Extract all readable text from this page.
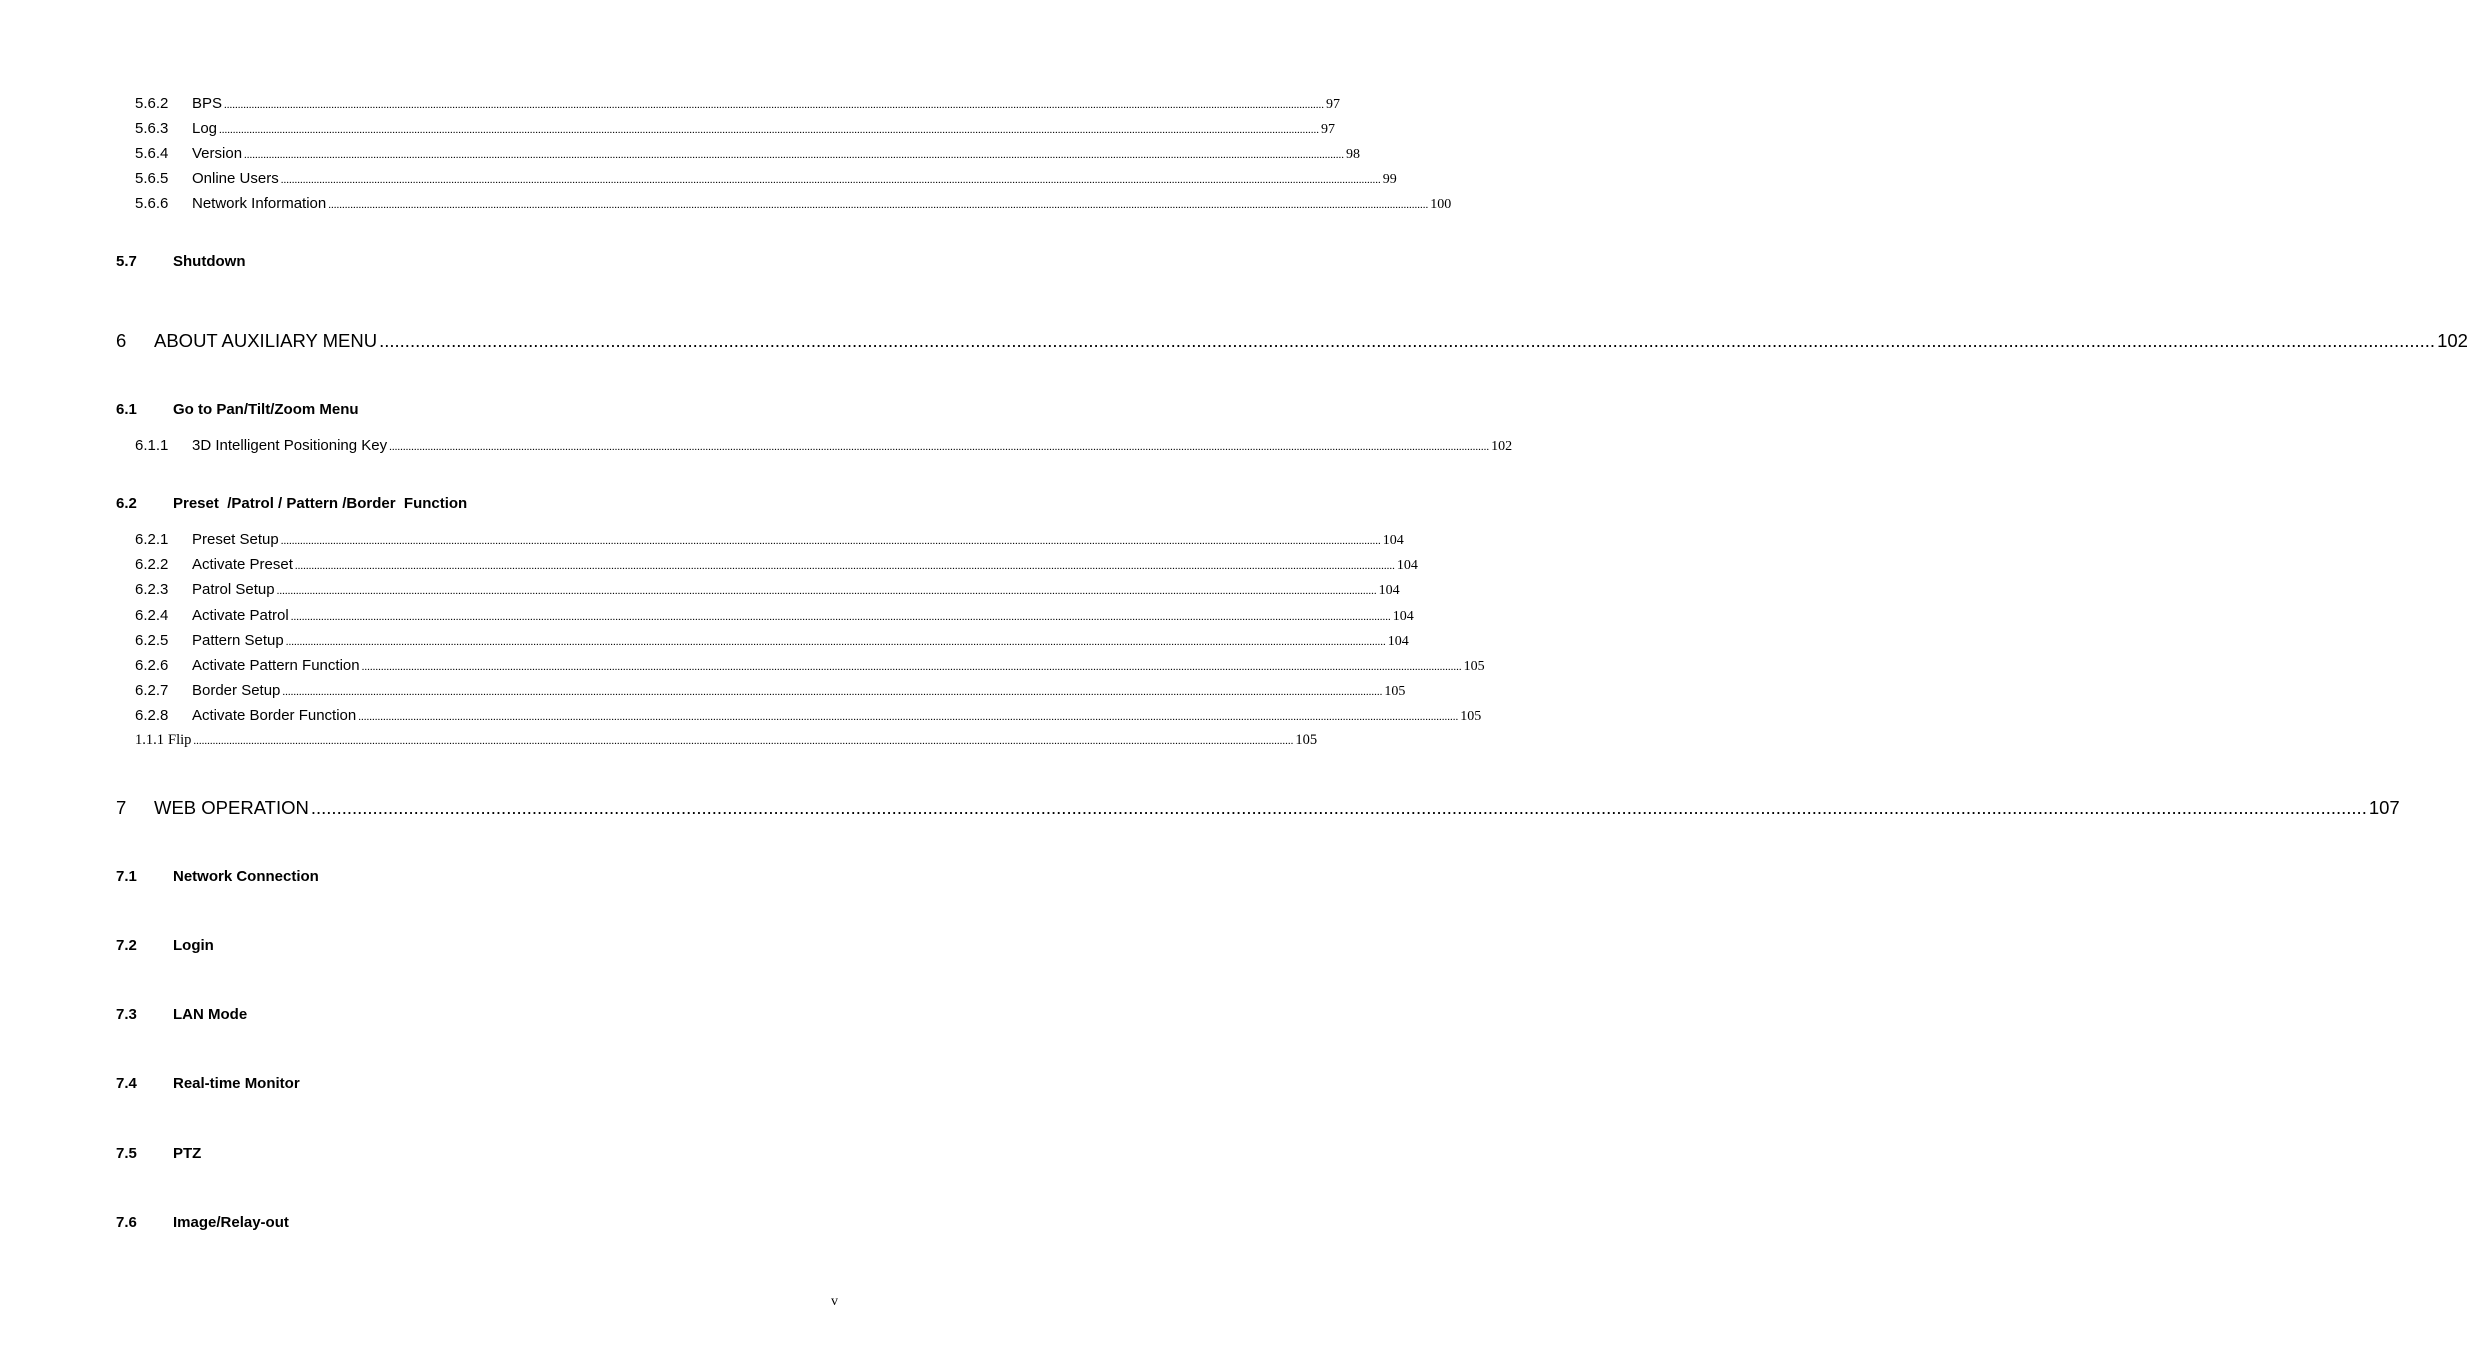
5.6.2	BPS ................................................................................................................................................................................................................................................................................................................................................................................................................ 97
5.6.3	Log ................................................................................................................................................................................................................................................................................................................................................................................................................ 97
5.6.4	Version ................................................................................................................................................................................................................................................................................................................................................................................................................ 98
5.6.5	Online Users ................................................................................................................................................................................................................................................................................................................................................................................................................ 99
5.6.6	Network Information ................................................................................................................................................................................................................................................................................................................................................................................................................ 100
5.7	Shutdown
6	ABOUT AUXILIARY MENU ................................................................................................................................................................................................................................................................................................................................................................................................................ 102
6.1	Go to Pan/Tilt/Zoom Menu
6.1.1	3D Intelligent Positioning Key ................................................................................................................................................................................................................................................................................................................................................................................................................ 102
6.2	Preset  /Patrol / Pattern /Border  Function
6.2.1	Preset Setup ................................................................................................................................................................................................................................................................................................................................................................................................................ 104
6.2.2	Activate Preset ................................................................................................................................................................................................................................................................................................................................................................................................................ 104
6.2.3	Patrol Setup ................................................................................................................................................................................................................................................................................................................................................................................................................ 104
6.2.4	Activate Patrol ................................................................................................................................................................................................................................................................................................................................................................................................................ 104
6.2.5	Pattern Setup ................................................................................................................................................................................................................................................................................................................................................................................................................ 104
6.2.6	Activate Pattern Function ................................................................................................................................................................................................................................................................................................................................................................................................................ 105
6.2.7	Border Setup ................................................................................................................................................................................................................................................................................................................................................................................................................ 105
6.2.8	Activate Border Function ................................................................................................................................................................................................................................................................................................................................................................................................................ 105
1.1.1 Flip ................................................................................................................................................................................................................................................................................................................................................................................................................ 105
7	WEB OPERATION ................................................................................................................................................................................................................................................................................................................................................................................................................ 107
7.1	Network Connection
7.2	Login
7.3	LAN Mode
7.4	Real-time Monitor
7.5	PTZ
7.6	Image/Relay-out
v
